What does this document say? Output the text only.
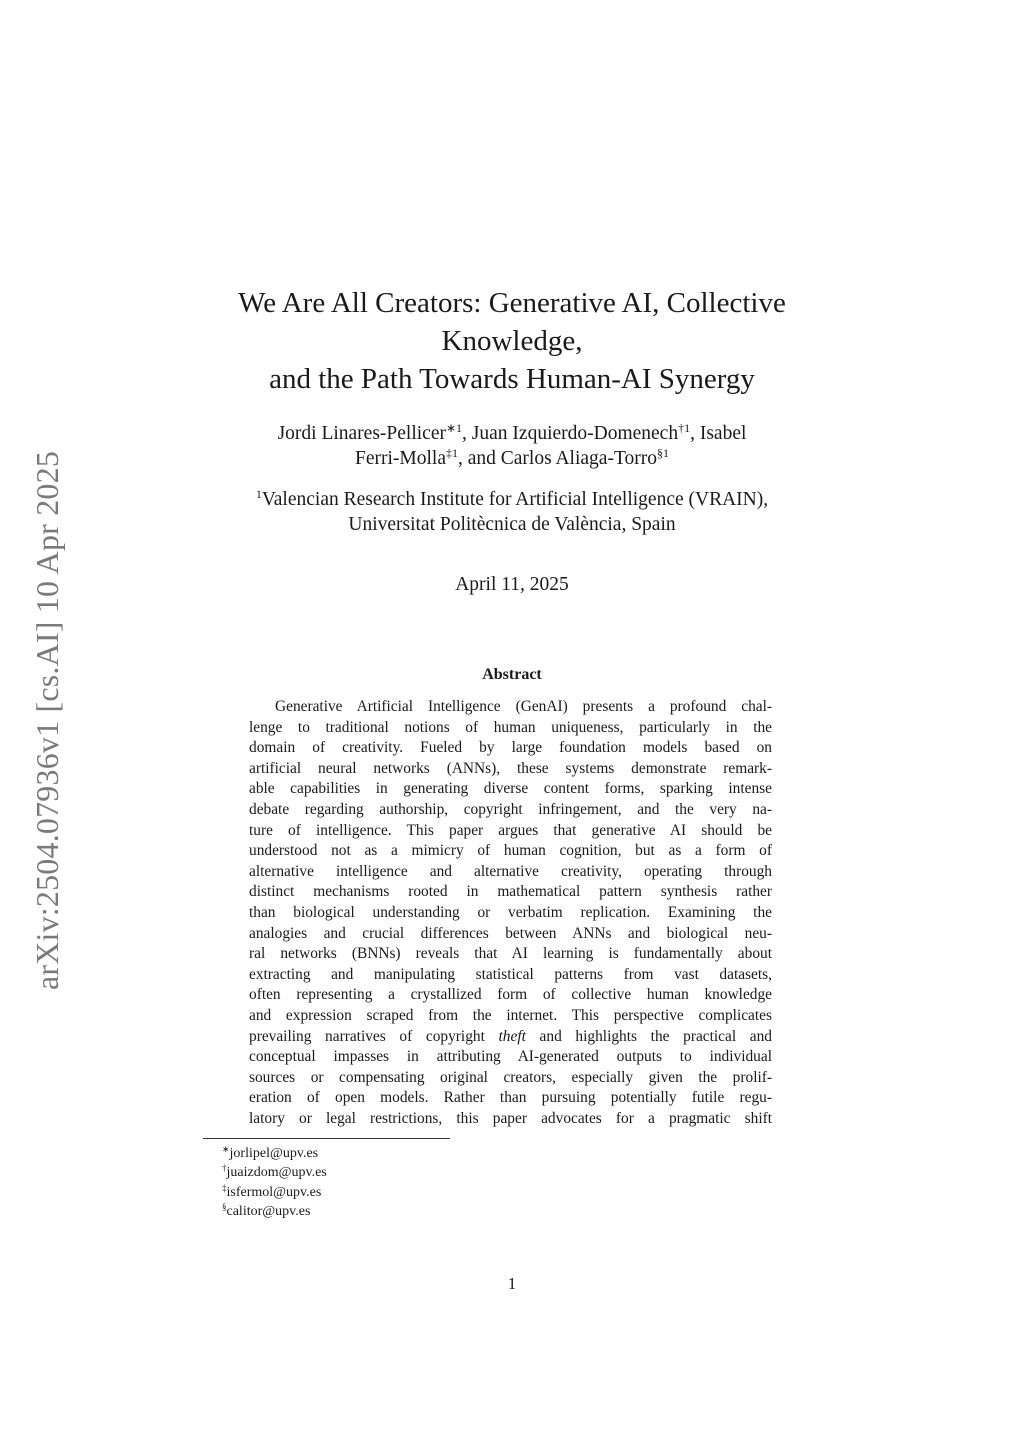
arXiv:2504.07936v1 [cs.AI] 10 Apr 2025
We Are All Creators: Generative AI, Collective
Knowledge,
and the Path Towards Human-AI Synergy
Jordi Linares-Pellicer$^{∗1}$, Juan Izquierdo-Domenech$^{\dagger 1}$, Isabel
Ferri-Molla$^{\ddagger 1}$, and Carlos Aliaga-Torro$^{\S 1}$
$^1$Valencian Research Institute for Artificial Intelligence (VRAIN),
Universitat Politècnica de València, Spain
April 11, 2025
Abstract
Generative Artificial Intelligence (GenAI) presents a profound chal-
lenge to traditional notions of human uniqueness, particularly in the
domain of creativity. Fueled by large foundation models based on
artificial neural networks (ANNs), these systems demonstrate remark-
able capabilities in generating diverse content forms, sparking intense
debate regarding authorship, copyright infringement, and the very na-
ture of intelligence. This paper argues that generative AI should be
understood not as a mimicry of human cognition, but as a form of
alternative intelligence and alternative creativity, operating through
distinct mechanisms rooted in mathematical pattern synthesis rather
than biological understanding or verbatim replication. Examining the
analogies and crucial differences between ANNs and biological neu-
ral networks (BNNs) reveals that AI learning is fundamentally about
extracting and manipulating statistical patterns from vast datasets,
often representing a crystallized form of collective human knowledge
and expression scraped from the internet. This perspective complicates
prevailing narratives of copyright theft and highlights the practical and
conceptual impasses in attributing AI-generated outputs to individual
sources or compensating original creators, especially given the prolif-
eration of open models. Rather than pursuing potentially futile regu-
latory or legal restrictions, this paper advocates for a pragmatic shift
∗jorlipel@upv.es
†juaizdom@upv.es
‡isfermol@upv.es
§calitor@upv.es
1
